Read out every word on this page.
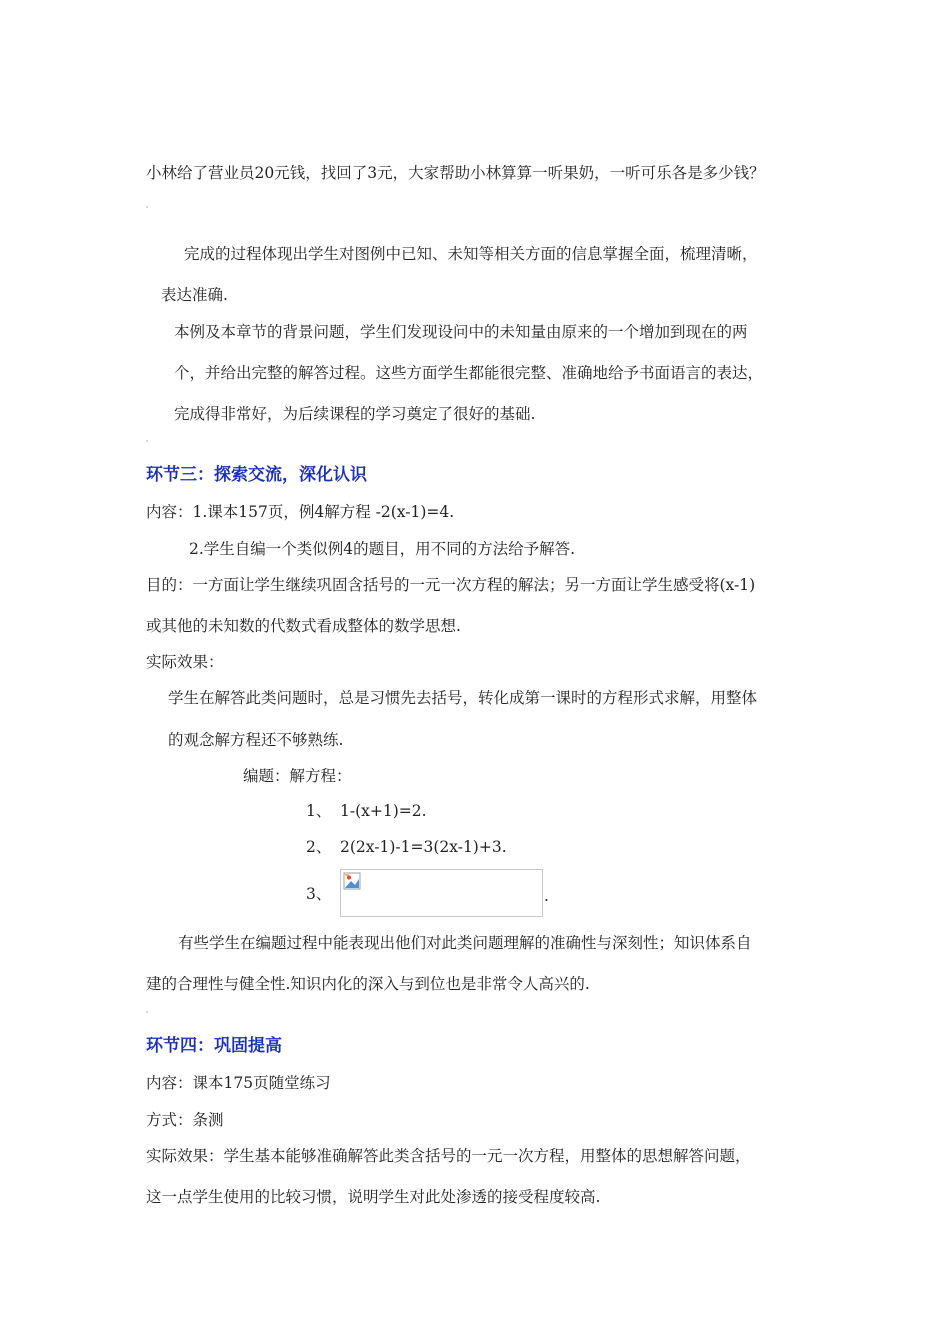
小林给了营业员20元钱，找回了3元，大家帮助小林算算一听果奶，一听可乐各是多少钱？
完成的过程体现出学生对图例中已知、未知等相关方面的信息掌握全面，梳理清晰，
表达准确.
本例及本章节的背景问题，学生们发现设问中的未知量由原来的一个增加到现在的两
个，并给出完整的解答过程。这些方面学生都能很完整、准确地给予书面语言的表达，
完成得非常好，为后续课程的学习奠定了很好的基础.
环节三：探索交流，深化认识
内容：1.课本157页，例4解方程 -2(x-1)=4.
2.学生自编一个类似例4的题目，用不同的方法给予解答.
目的：一方面让学生继续巩固含括号的一元一次方程的解法；另一方面让学生感受将(x-1)
或其他的未知数的代数式看成整体的数学思想.
实际效果：
学生在解答此类问题时，总是习惯先去括号，转化成第一课时的方程形式求解，用整体
的观念解方程还不够熟练.
编题：解方程：
1、 1-(x+1)=2.
2、 2(2x-1)-1=3(2x-1)+3.
3、	.
有些学生在编题过程中能表现出他们对此类问题理解的准确性与深刻性；知识体系自
建的合理性与健全性.知识内化的深入与到位也是非常令人高兴的.
环节四：巩固提高
内容：课本175页随堂练习
方式：条测
实际效果：学生基本能够准确解答此类含括号的一元一次方程，用整体的思想解答问题，
这一点学生使用的比较习惯，说明学生对此处渗透的接受程度较高.
